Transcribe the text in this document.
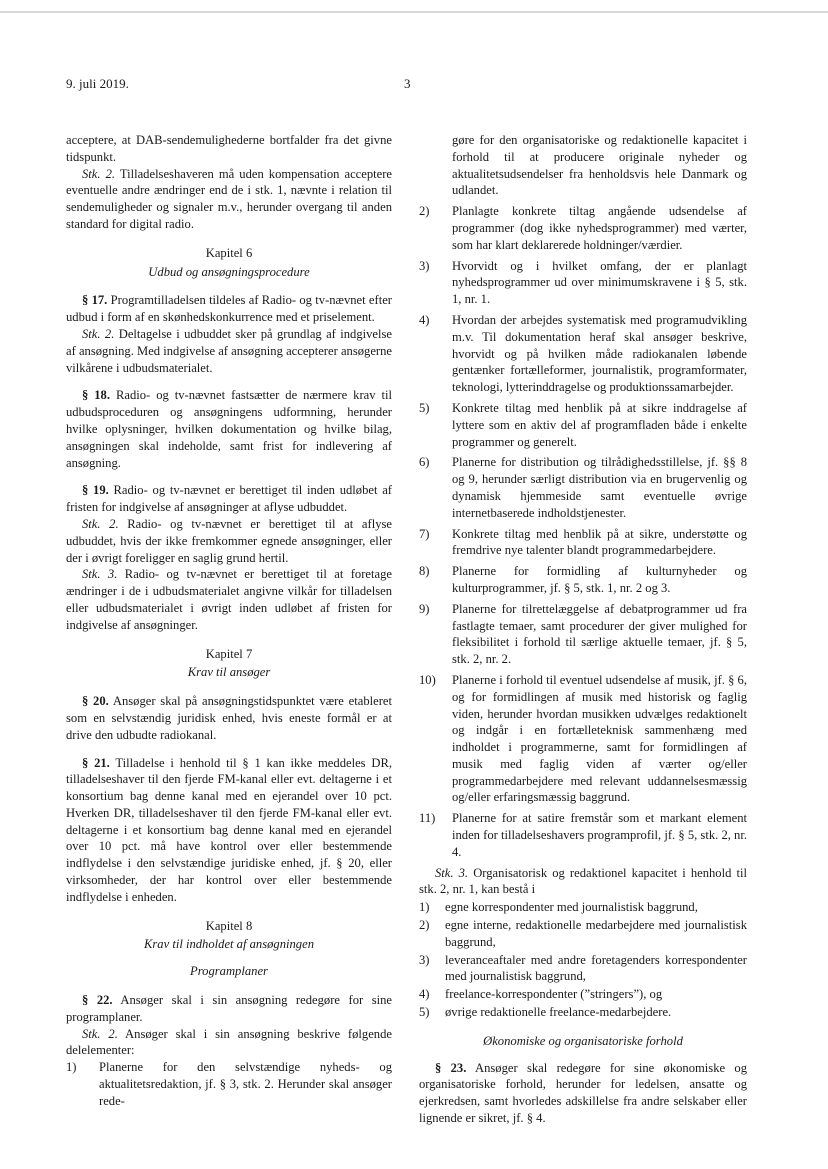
9. juli 2019.	3

acceptere, at DAB-sendemulighederne bortfalder fra det givne tidspunkt.

Stk. 2. Tilladelseshaveren må uden kompensation acceptere eventuelle andre ændringer end de i stk. 1, nævnte i relation til sendemuligheder og signaler m.v., herunder overgang til anden standard for digital radio.

Kapitel 6

Udbud og ansøgningsprocedure

§ 17. Programtilladelsen tildeles af Radio- og tv-nævnet efter udbud i form af en skønhedskonkurrence med et priselement.

Stk. 2. Deltagelse i udbuddet sker på grundlag af indgivelse af ansøgning. Med indgivelse af ansøgning accepterer ansøgerne vilkårene i udbudsmaterialet.

§ 18. Radio- og tv-nævnet fastsætter de nærmere krav til udbudsproceduren og ansøgningens udformning, herunder hvilke oplysninger, hvilken dokumentation og hvilke bilag, ansøgningen skal indeholde, samt frist for indlevering af ansøgning.

§ 19. Radio- og tv-nævnet er berettiget til inden udløbet af fristen for indgivelse af ansøgninger at aflyse udbuddet.

Stk. 2. Radio- og tv-nævnet er berettiget til at aflyse udbuddet, hvis der ikke fremkommer egnede ansøgninger, eller der i øvrigt foreligger en saglig grund hertil.

Stk. 3. Radio- og tv-nævnet er berettiget til at foretage ændringer i de i udbudsmaterialet angivne vilkår for tilladelsen eller udbudsmaterialet i øvrigt inden udløbet af fristen for indgivelse af ansøgninger.

Kapitel 7

Krav til ansøger

§ 20. Ansøger skal på ansøgningstidspunktet være etableret som en selvstændig juridisk enhed, hvis eneste formål er at drive den udbudte radiokanal.

§ 21. Tilladelse i henhold til § 1 kan ikke meddeles DR, tilladelseshaver til den fjerde FM-kanal eller evt. deltagerne i et konsortium bag denne kanal med en ejerandel over 10 pct. Hverken DR, tilladelseshaver til den fjerde FM-kanal eller evt. deltagerne i et konsortium bag denne kanal med en ejerandel over 10 pct. må have kontrol over eller bestemmende indflydelse i den selvstændige juridiske enhed, jf. § 20, eller virksomheder, der har kontrol over eller bestemmende indflydelse i enheden.

Kapitel 8

Krav til indholdet af ansøgningen

Programplaner

§ 22. Ansøger skal i sin ansøgning redegøre for sine programplaner.

Stk. 2. Ansøger skal i sin ansøgning beskrive følgende delelementer:

1)	Planerne for den selvstændige nyheds- og aktualitetsredaktion, jf. § 3, stk. 2. Herunder skal ansøger rede-
gøre for den organisatoriske og redaktionelle kapacitet i forhold til at producere originale nyheder og aktualitetsudsendelser fra henholdsvis hele Danmark og udlandet.
2)	Planlagte konkrete tiltag angående udsendelse af programmer (dog ikke nyhedsprogrammer) med værter, som har klart deklarerede holdninger/værdier.
3)	Hvorvidt og i hvilket omfang, der er planlagt nyhedsprogrammer ud over minimumskravene i § 5, stk. 1, nr. 1.
4)	Hvordan der arbejdes systematisk med programudvikling m.v. Til dokumentation heraf skal ansøger beskrive, hvorvidt og på hvilken måde radiokanalen løbende gentænker fortælleformer, journalistik, programformater, teknologi, lytterinddragelse og produktionssamarbejder.
5)	Konkrete tiltag med henblik på at sikre inddragelse af lyttere som en aktiv del af programfladen både i enkelte programmer og generelt.
6)	Planerne for distribution og tilrådighedsstillelse, jf. §§ 8 og 9, herunder særligt distribution via en brugervenlig og dynamisk hjemmeside samt eventuelle øvrige internetbaserede indholdstjenester.
7)	Konkrete tiltag med henblik på at sikre, understøtte og fremdrive nye talenter blandt programmedarbejdere.
8)	Planerne for formidling af kulturnyheder og kulturprogrammer, jf. § 5, stk. 1, nr. 2 og 3.
9)	Planerne for tilrettelæggelse af debatprogrammer ud fra fastlagte temaer, samt procedurer der giver mulighed for fleksibilitet i forhold til særlige aktuelle temaer, jf. § 5, stk. 2, nr. 2.
10)	Planerne i forhold til eventuel udsendelse af musik, jf. § 6, og for formidlingen af musik med historisk og faglig viden, herunder hvordan musikken udvælges redaktionelt og indgår i en fortælleteknisk sammenhæng med indholdet i programmerne, samt for formidlingen af musik med faglig viden af værter og/eller programmedarbejdere med relevant uddannelsesmæssig og/eller erfaringsmæssig baggrund.
11)	Planerne for at satire fremstår som et markant element inden for tilladelseshavers programprofil, jf. § 5, stk. 2, nr. 4.

Stk. 3. Organisatorisk og redaktionel kapacitet i henhold til stk. 2, nr. 1, kan bestå i

1)	egne korrespondenter med journalistisk baggrund,
2)	egne interne, redaktionelle medarbejdere med journalistisk baggrund,
3)	leverancеaftaler med andre foretagenders korrespondenter med journalistisk baggrund,
4)	freelance-korrespondenter (”stringers”), og
5)	øvrige redaktionelle freelance-medarbejdere.

Økonomiske og organisatoriske forhold

§ 23. Ansøger skal redegøre for sine økonomiske og organisatoriske forhold, herunder for ledelsen, ansatte og ejerkredsen, samt hvorledes adskillelse fra andre selskaber eller lignende er sikret, jf. § 4.
